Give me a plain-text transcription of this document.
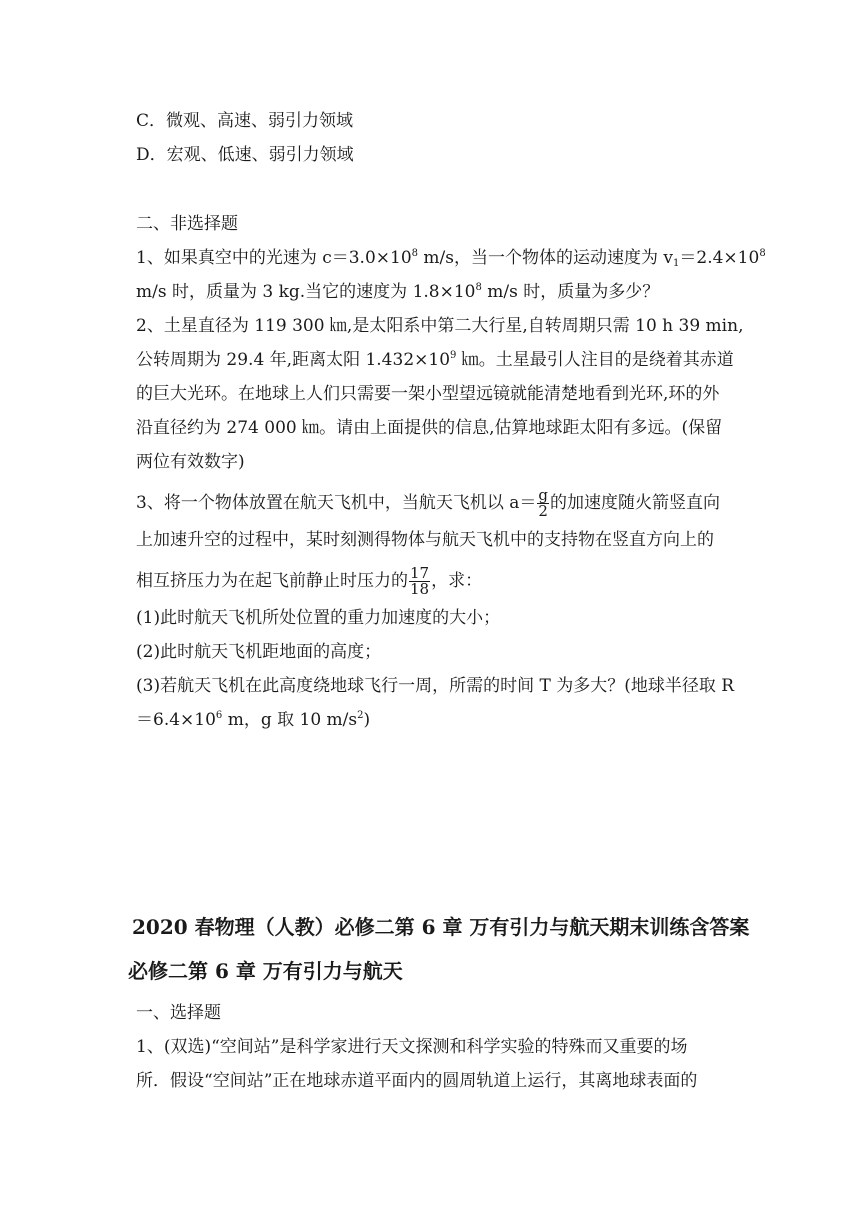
C．微观、高速、弱引力领域
D．宏观、低速、弱引力领域
二、非选择题
1、如果真空中的光速为 $c=3.0\times 10^8$ m/s，当一个物体的运动速度为 $v_1=2.4\times 10^8$
m/s 时，质量为 3 kg.当它的速度为 $1.8\times 10^8$ m/s 时，质量为多少？
2、土星直径为 119 300 ㎞,是太阳系中第二大行星,自转周期只需 10 h 39 min,
公转周期为 29.4 年,距离太阳 $1.432\times 10^9$ ㎞。土星最引人注目的是绕着其赤道
的巨大光环。在地球上人们只需要一架小型望远镜就能清楚地看到光环,环的外
沿直径约为 274 000 ㎞。请由上面提供的信息,估算地球距太阳有多远。(保留
两位有效数字)
3、将一个物体放置在航天飞机中，当航天飞机以 $a= \frac{g}{2}$ 的加速度随火箭竖直向
上加速升空的过程中，某时刻测得物体与航天飞机中的支持物在竖直方向上的
相互挤压力为在起飞前静止时压力的 $\frac{17}{18}$ ，求：
(1)此时航天飞机所处位置的重力加速度的大小；
(2)此时航天飞机距地面的高度；
(3)若航天飞机在此高度绕地球飞行一周，所需的时间 T 为多大？(地球半径取 R
$=6.4\times 10^6$ m，g 取 10 $m/s^2$)
2020 春物理（人教）必修二第 6 章 万有引力与航天期末训练含答案
必修二第 6 章 万有引力与航天
一、选择题
1、(双选)“空间站”是科学家进行天文探测和科学实验的特殊而又重要的场
所．假设“空间站”正在地球赤道平面内的圆周轨道上运行，其离地球表面的
